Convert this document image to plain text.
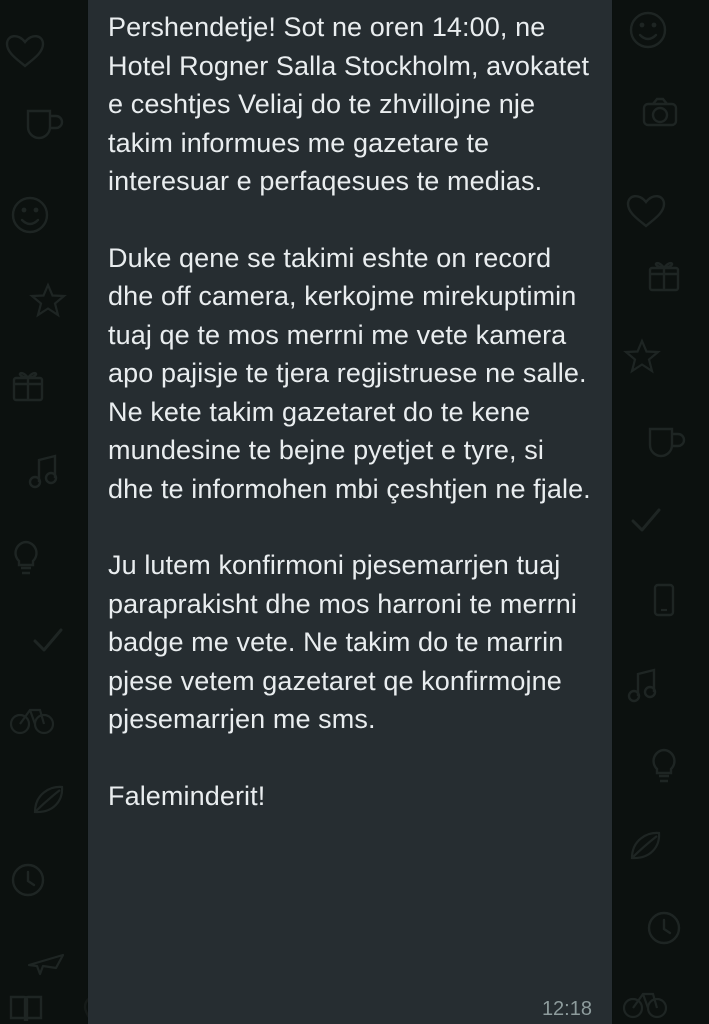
Pershendetje! Sot ne oren 14:00, ne Hotel Rogner Salla Stockholm, avokatet e ceshtjes Veliaj do te zhvillojne nje takim informues me gazetare te interesuar e perfaqesues te medias.

Duke qene se takimi eshte on record dhe off camera, kerkojme mirekuptimin tuaj qe te mos merrni me vete kamera apo pajisje te tjera regjistruese ne salle. Ne kete takim gazetaret do te kene mundesine te bejne pyetjet e tyre, si dhe te informohen mbi çeshtjen ne fjale.

Ju lutem konfirmoni pjesemarrjen tuaj paraprakisht dhe mos harroni te merrni badge me vete. Ne takim do te marrin pjese vetem gazetaret qe konfirmojne pjesemarrjen me sms.

Faleminderit!

12:18
